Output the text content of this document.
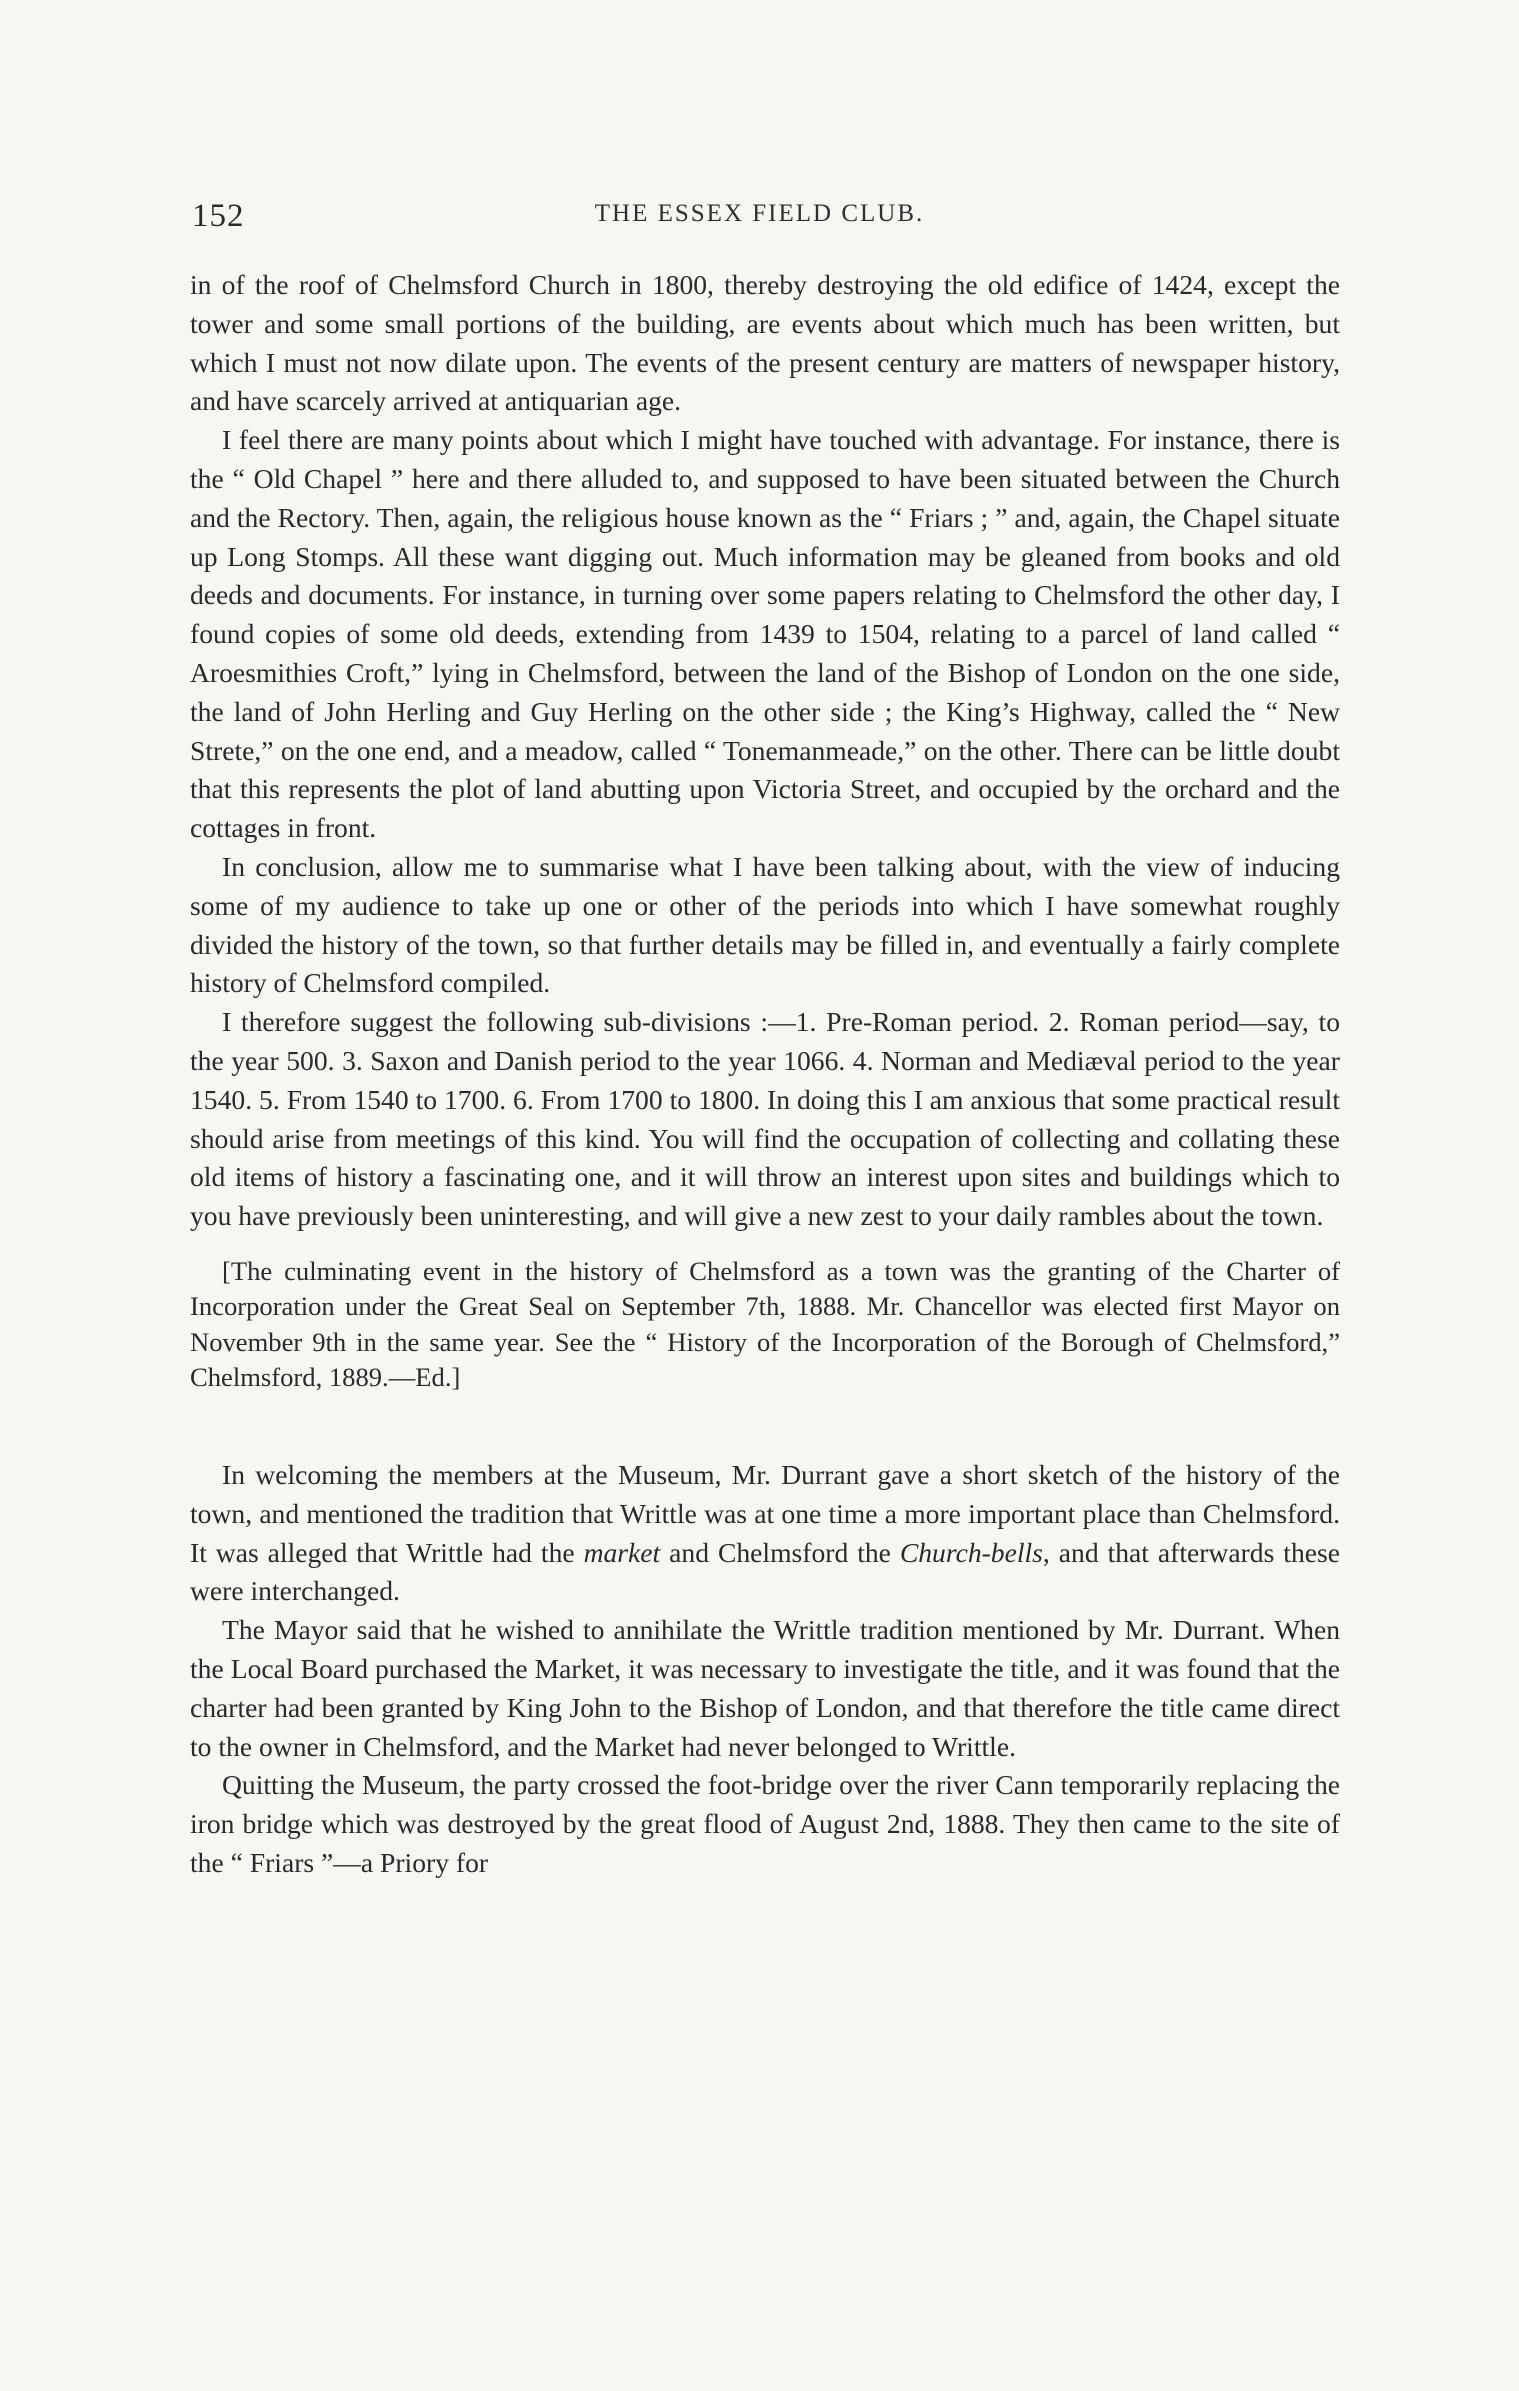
152	THE ESSEX FIELD CLUB.

in of the roof of Chelmsford Church in 1800, thereby destroying the old edifice of 1424, except the tower and some small portions of the building, are events about which much has been written, but which I must not now dilate upon. The events of the present century are matters of newspaper history, and have scarcely arrived at antiquarian age.

I feel there are many points about which I might have touched with advantage. For instance, there is the “ Old Chapel ” here and there alluded to, and supposed to have been situated between the Church and the Rectory. Then, again, the religious house known as the “ Friars ; ” and, again, the Chapel situate up Long Stomps. All these want digging out. Much information may be gleaned from books and old deeds and documents. For instance, in turning over some papers relating to Chelmsford the other day, I found copies of some old deeds, extending from 1439 to 1504, relating to a parcel of land called “ Aroesmithies Croft,” lying in Chelmsford, between the land of the Bishop of London on the one side, the land of John Herling and Guy Herling on the other side ; the King’s Highway, called the “ New Strete,” on the one end, and a meadow, called “ Tonemanmeade,” on the other. There can be little doubt that this represents the plot of land abutting upon Victoria Street, and occupied by the orchard and the cottages in front.

In conclusion, allow me to summarise what I have been talking about, with the view of inducing some of my audience to take up one or other of the periods into which I have somewhat roughly divided the history of the town, so that further details may be filled in, and eventually a fairly complete history of Chelmsford compiled.

I therefore suggest the following sub-divisions :—1. Pre-Roman period. 2. Roman period—say, to the year 500. 3. Saxon and Danish period to the year 1066. 4. Norman and Mediæval period to the year 1540. 5. From 1540 to 1700. 6. From 1700 to 1800. In doing this I am anxious that some practical result should arise from meetings of this kind. You will find the occupation of collecting and collating these old items of history a fascinating one, and it will throw an interest upon sites and buildings which to you have previously been uninteresting, and will give a new zest to your daily rambles about the town.

[The culminating event in the history of Chelmsford as a town was the granting of the Charter of Incorporation under the Great Seal on September 7th, 1888. Mr. Chancellor was elected first Mayor on November 9th in the same year. See the “ History of the Incorporation of the Borough of Chelmsford,” Chelmsford, 1889.—Ed.]

In welcoming the members at the Museum, Mr. Durrant gave a short sketch of the history of the town, and mentioned the tradition that Writtle was at one time a more important place than Chelmsford. It was alleged that Writtle had the market and Chelmsford the Church-bells, and that afterwards these were interchanged.

The Mayor said that he wished to annihilate the Writtle tradition mentioned by Mr. Durrant. When the Local Board purchased the Market, it was necessary to investigate the title, and it was found that the charter had been granted by King John to the Bishop of London, and that therefore the title came direct to the owner in Chelmsford, and the Market had never belonged to Writtle.

Quitting the Museum, the party crossed the foot-bridge over the river Cann temporarily replacing the iron bridge which was destroyed by the great flood of August 2nd, 1888. They then came to the site of the “ Friars ”—a Priory for
